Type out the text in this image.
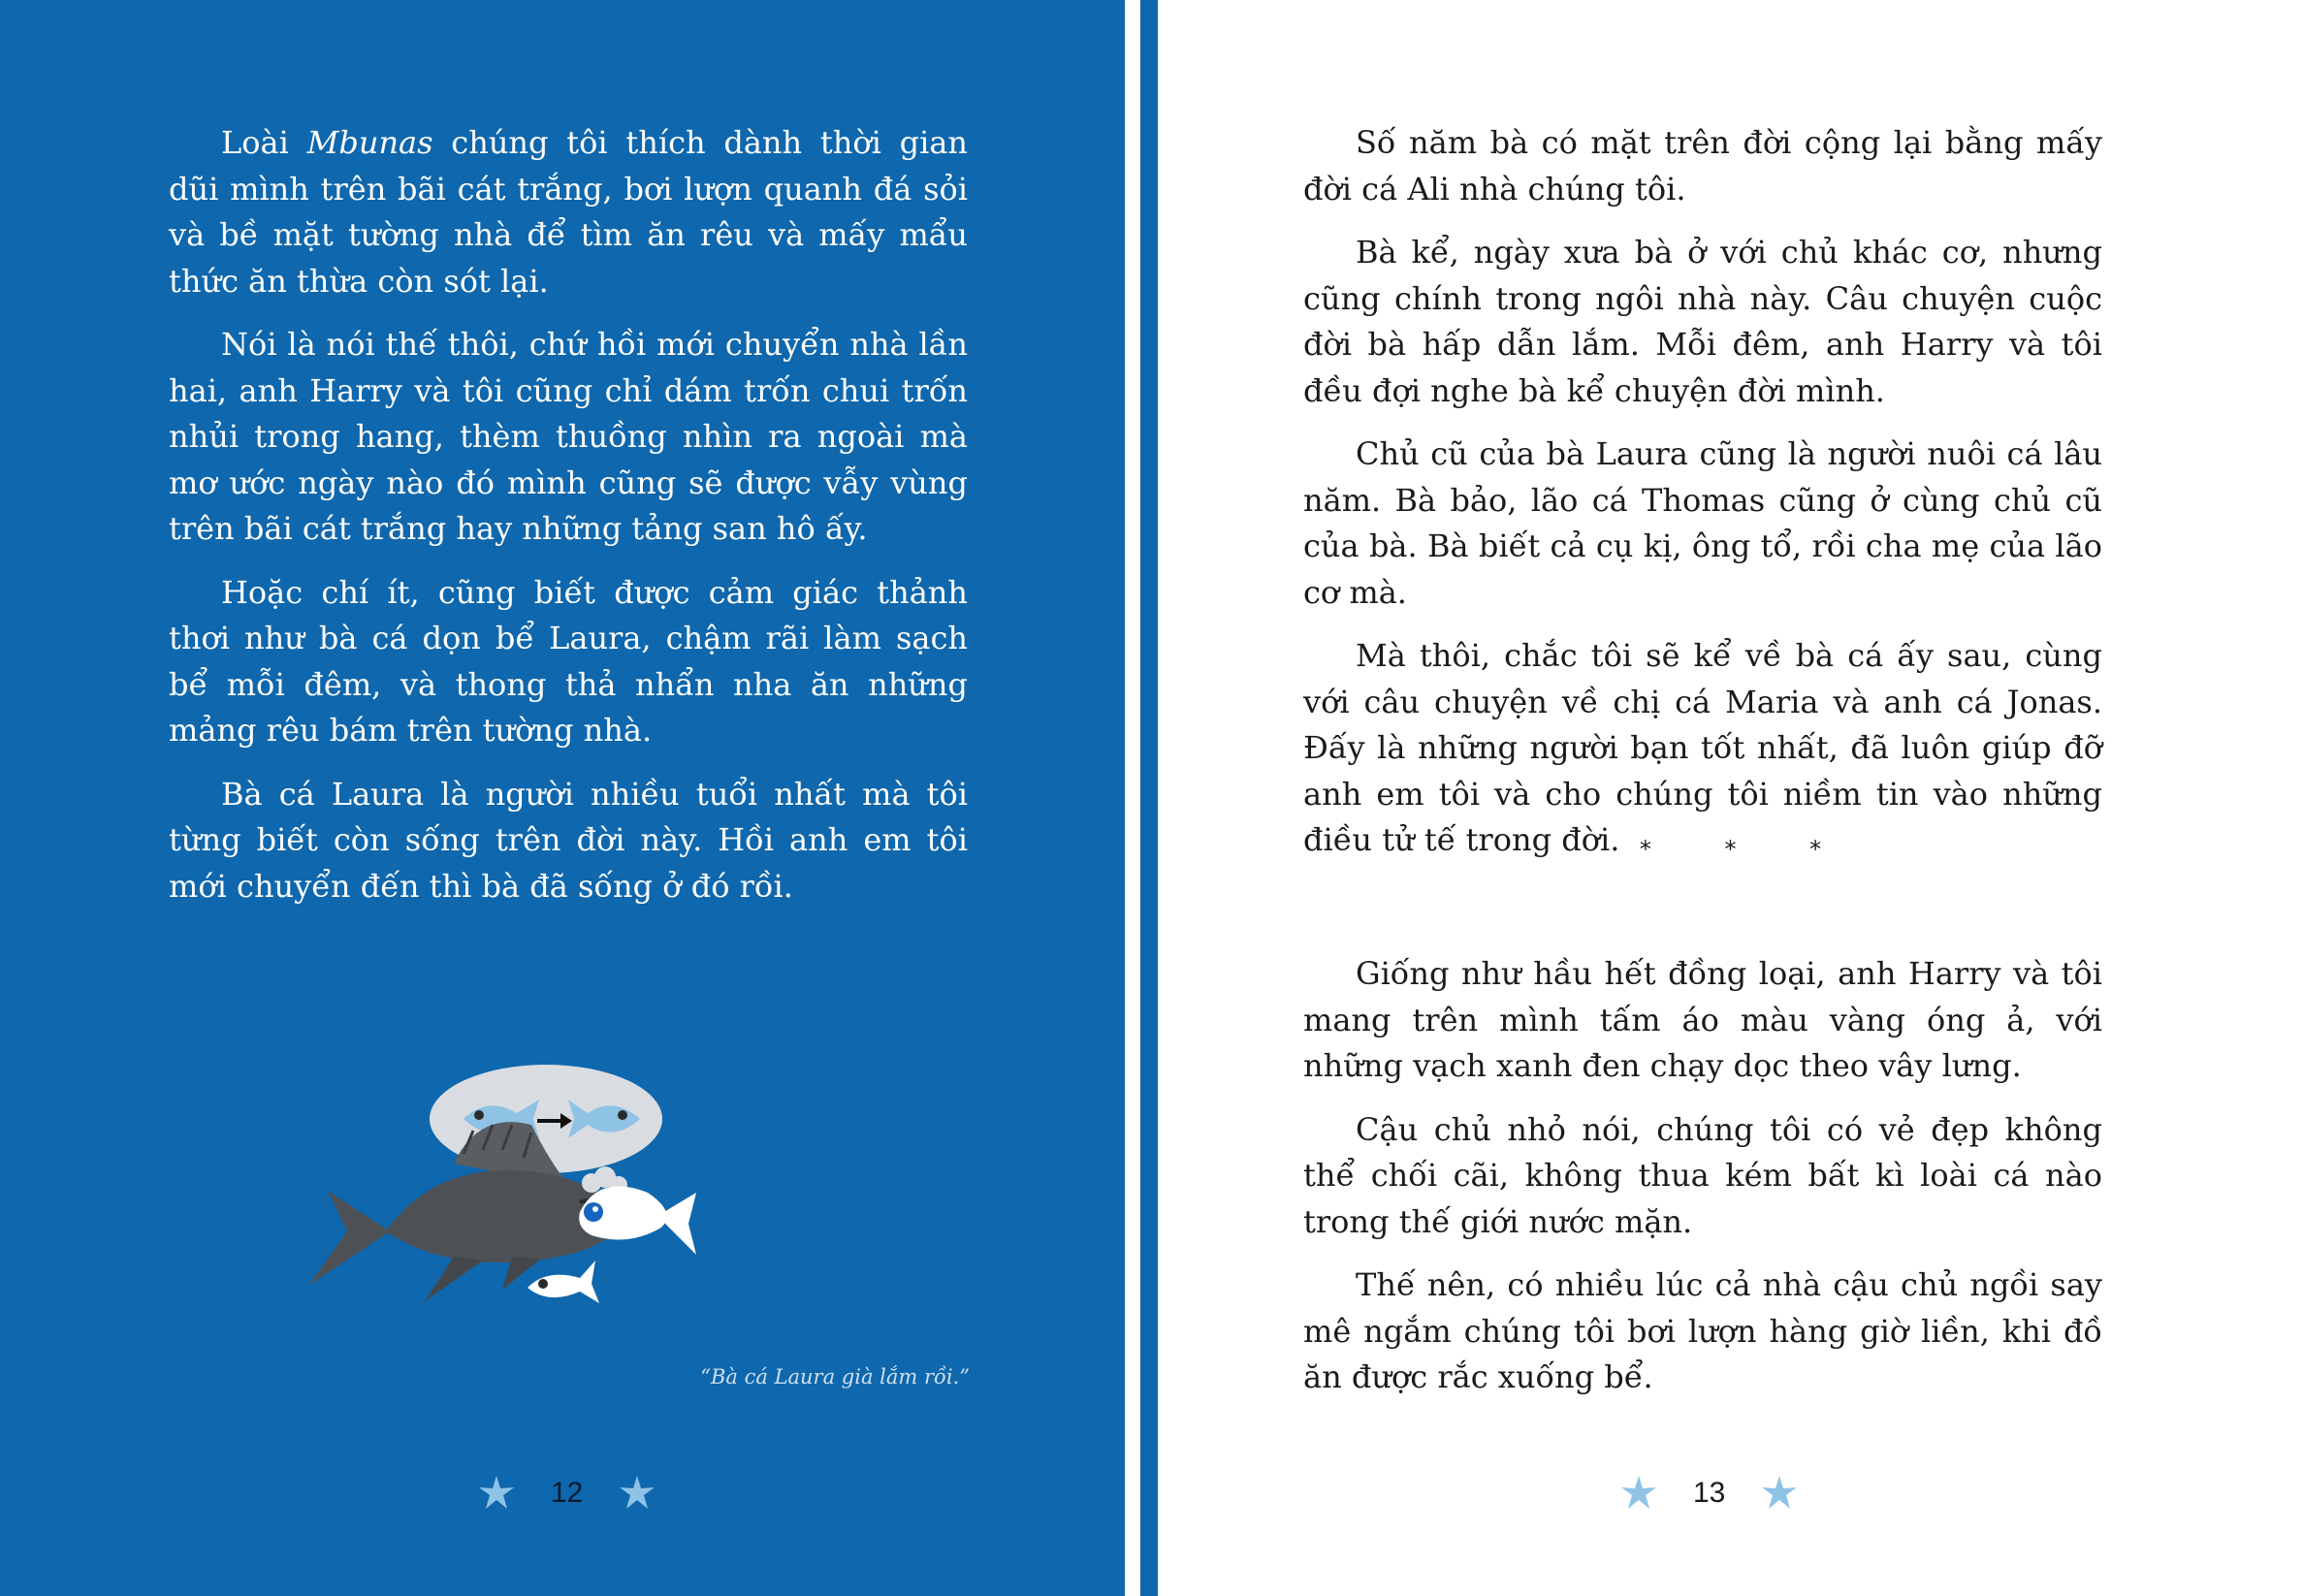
Loài Mbunas chúng tôi thích dành thời gian dũi mình trên bãi cát trắng, bơi lượn quanh đá sỏi và bề mặt tường nhà để tìm ăn rêu và mấy mẩu thức ăn thừa còn sót lại.

Nói là nói thế thôi, chứ hồi mới chuyển nhà lần hai, anh Harry và tôi cũng chỉ dám trốn chui trốn nhủi trong hang, thèm thuồng nhìn ra ngoài mà mơ ước ngày nào đó mình cũng sẽ được vẫy vùng trên bãi cát trắng hay những tảng san hô ấy.

Hoặc chí ít, cũng biết được cảm giác thảnh thơi như bà cá dọn bể Laura, chậm rãi làm sạch bể mỗi đêm, và thong thả nhẩn nha ăn những mảng rêu bám trên tường nhà.

Bà cá Laura là người nhiều tuổi nhất mà tôi từng biết còn sống trên đời này. Hồi anh em tôi mới chuyển đến thì bà đã sống ở đó rồi.

“Bà cá Laura già lắm rồi.”
12

Số năm bà có mặt trên đời cộng lại bằng mấy đời cá Ali nhà chúng tôi.

Bà kể, ngày xưa bà ở với chủ khác cơ, nhưng cũng chính trong ngôi nhà này. Câu chuyện cuộc đời bà hấp dẫn lắm. Mỗi đêm, anh Harry và tôi đều đợi nghe bà kể chuyện đời mình.

Chủ cũ của bà Laura cũng là người nuôi cá lâu năm. Bà bảo, lão cá Thomas cũng ở cùng chủ cũ của bà. Bà biết cả cụ kị, ông tổ, rồi cha mẹ của lão cơ mà.

Mà thôi, chắc tôi sẽ kể về bà cá ấy sau, cùng với câu chuyện về chị cá Maria và anh cá Jonas. Đấy là những người bạn tốt nhất, đã luôn giúp đỡ anh em tôi và cho chúng tôi niềm tin vào những điều tử tế trong đời. * * *

Giống như hầu hết đồng loại, anh Harry và tôi mang trên mình tấm áo màu vàng óng ả, với những vạch xanh đen chạy dọc theo vây lưng.

Cậu chủ nhỏ nói, chúng tôi có vẻ đẹp không thể chối cãi, không thua kém bất kì loài cá nào trong thế giới nước mặn.

Thế nên, có nhiều lúc cả nhà cậu chủ ngồi say mê ngắm chúng tôi bơi lượn hàng giờ liền, khi đồ ăn được rắc xuống bể.

13
